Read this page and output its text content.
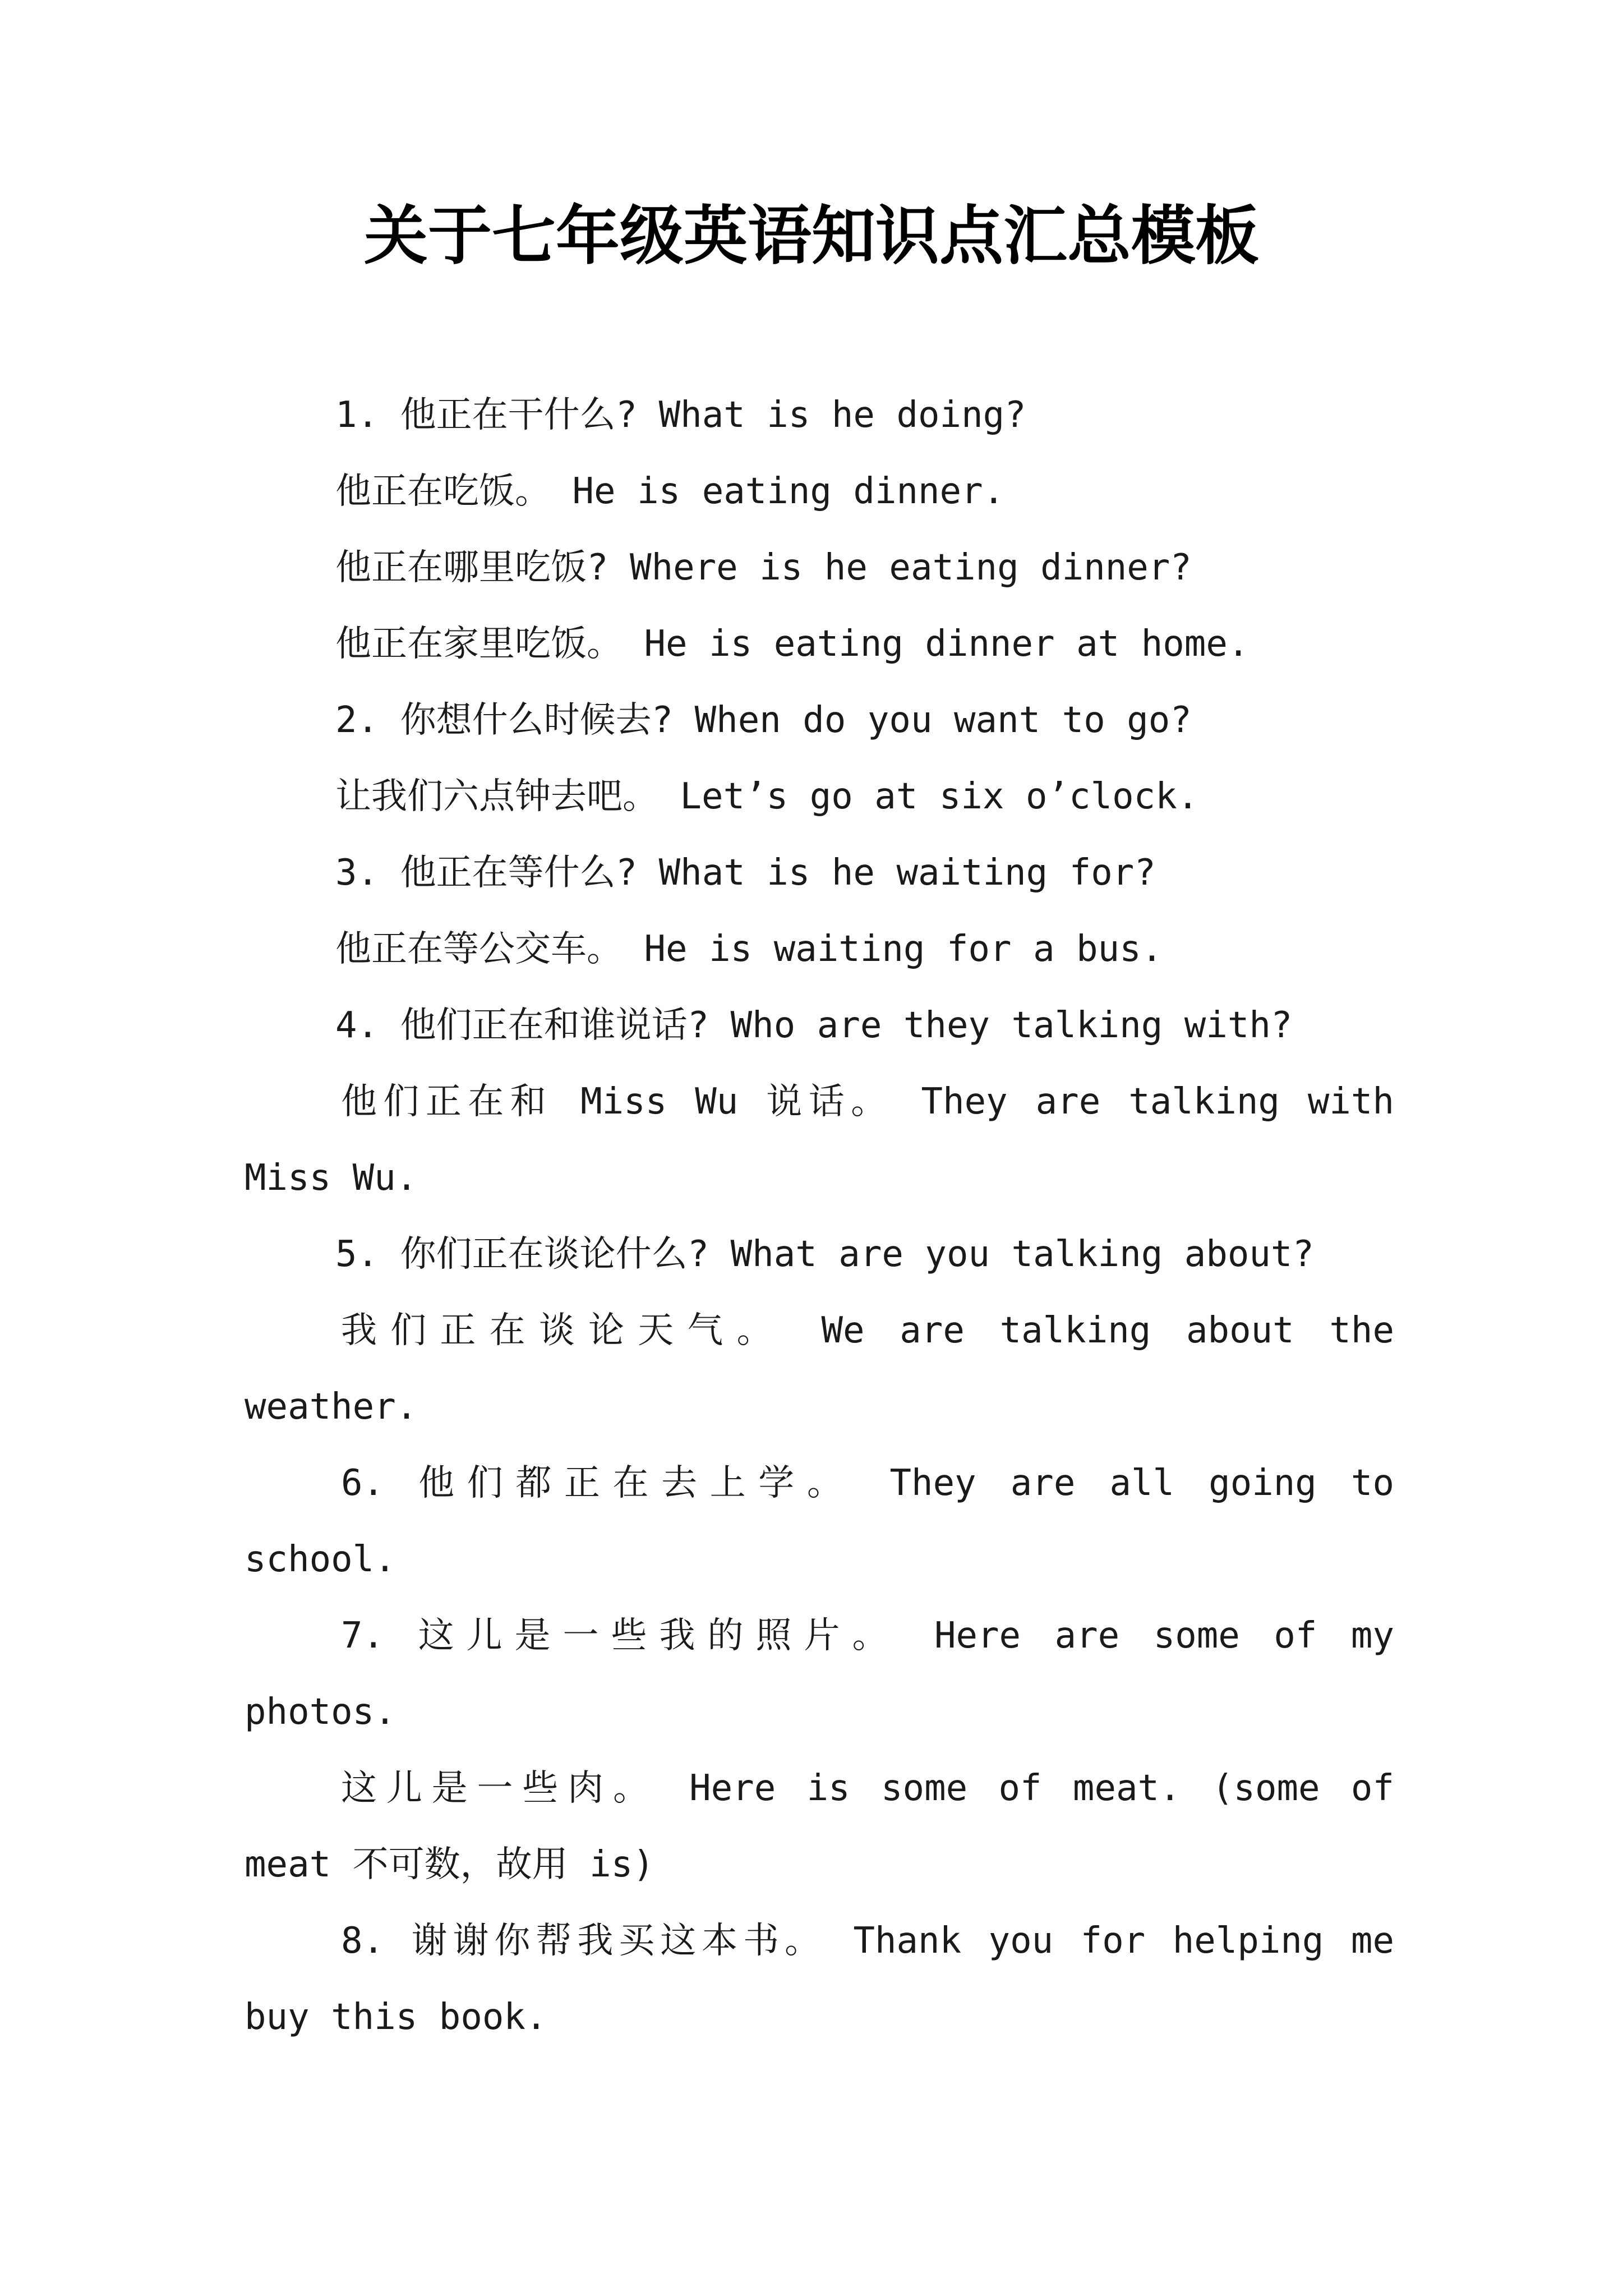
关于七年级英语知识点汇总模板
1. 他正在干什么? What is he doing?
他正在吃饭。 He is eating dinner.
他正在哪里吃饭? Where is he eating dinner?
他正在家里吃饭。 He is eating dinner at home.
2. 你想什么时候去? When do you want to go?
让我们六点钟去吧。 Let’s go at six o’clock.
3. 他正在等什么? What is he waiting for?
他正在等公交车。 He is waiting for a bus.
4. 他们正在和谁说话? Who are they talking with?
他们正在和 Miss Wu 说话。 They are talking with
Miss Wu.
5. 你们正在谈论什么? What are you talking about?
我们正在谈论天气。 We are talking about the
weather.
6. 他们都正在去上学。 They are all going to
school.
7. 这儿是一些我的照片。 Here are some of my
photos.
这儿是一些肉。 Here is some of meat. (some of
meat 不可数，故用 is)
8. 谢谢你帮我买这本书。 Thank you for helping me
buy this book.
